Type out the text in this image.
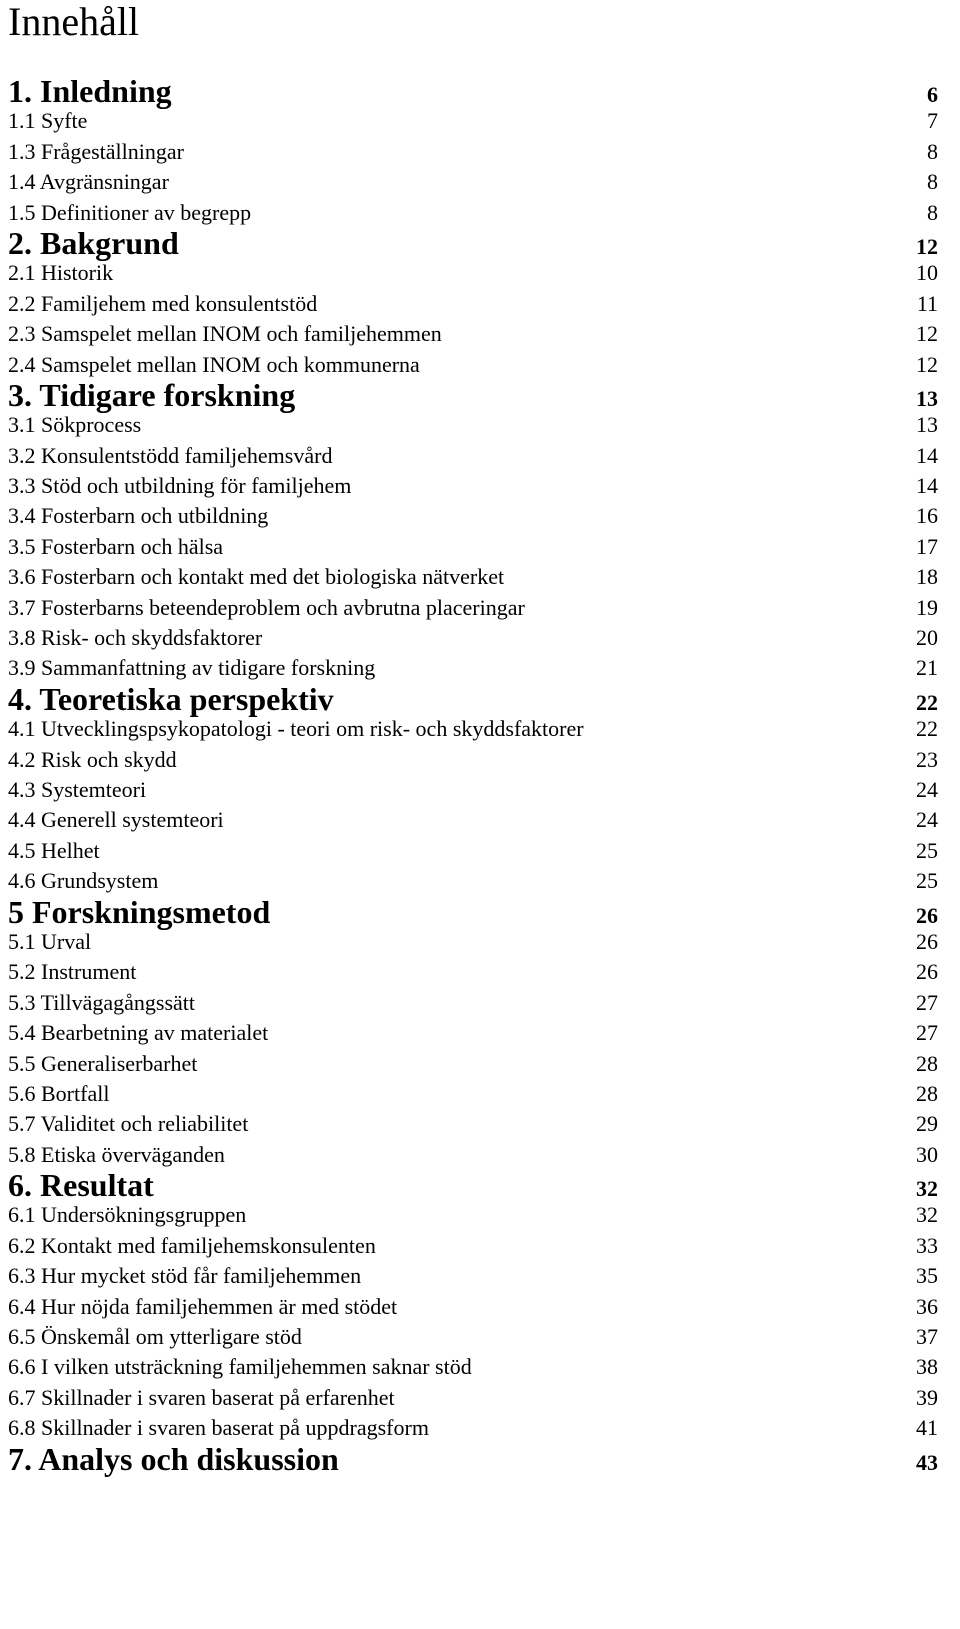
Innehåll
1. Inledning	6
1.1 Syfte	7
1.3 Frågeställningar	8
1.4 Avgränsningar	8
1.5 Definitioner av begrepp	8
2. Bakgrund	12
2.1 Historik	10
2.2 Familjehem med konsulentstöd	11
2.3 Samspelet mellan INOM och familjehemmen	12
2.4 Samspelet mellan INOM och kommunerna	12
3. Tidigare forskning	13
3.1 Sökprocess	13
3.2 Konsulentstödd familjehemsvård	14
3.3 Stöd och utbildning för familjehem	14
3.4 Fosterbarn och utbildning	16
3.5 Fosterbarn och hälsa	17
3.6 Fosterbarn och kontakt med det biologiska nätverket	18
3.7 Fosterbarns beteendeproblem och avbrutna placeringar	19
3.8 Risk- och skyddsfaktorer	20
3.9 Sammanfattning av tidigare forskning	21
4. Teoretiska perspektiv	22
4.1 Utvecklingspsykopatologi - teori om risk- och skyddsfaktorer	22
4.2 Risk och skydd	23
4.3 Systemteori	24
4.4 Generell systemteori	24
4.5 Helhet	25
4.6 Grundsystem	25
5 Forskningsmetod	26
5.1 Urval	26
5.2 Instrument	26
5.3 Tillvägagångssätt	27
5.4 Bearbetning av materialet	27
5.5 Generaliserbarhet	28
5.6 Bortfall	28
5.7 Validitet och reliabilitet	29
5.8 Etiska överväganden	30
6. Resultat	32
6.1 Undersökningsgruppen	32
6.2 Kontakt med familjehemskonsulenten	33
6.3 Hur mycket stöd får familjehemmen	35
6.4 Hur nöjda familjehemmen är med stödet	36
6.5 Önskemål om ytterligare stöd	37
6.6 I vilken utsträckning familjehemmen saknar stöd	38
6.7 Skillnader i svaren baserat på erfarenhet	39
6.8 Skillnader i svaren baserat på uppdragsform	41
7. Analys och diskussion	43
